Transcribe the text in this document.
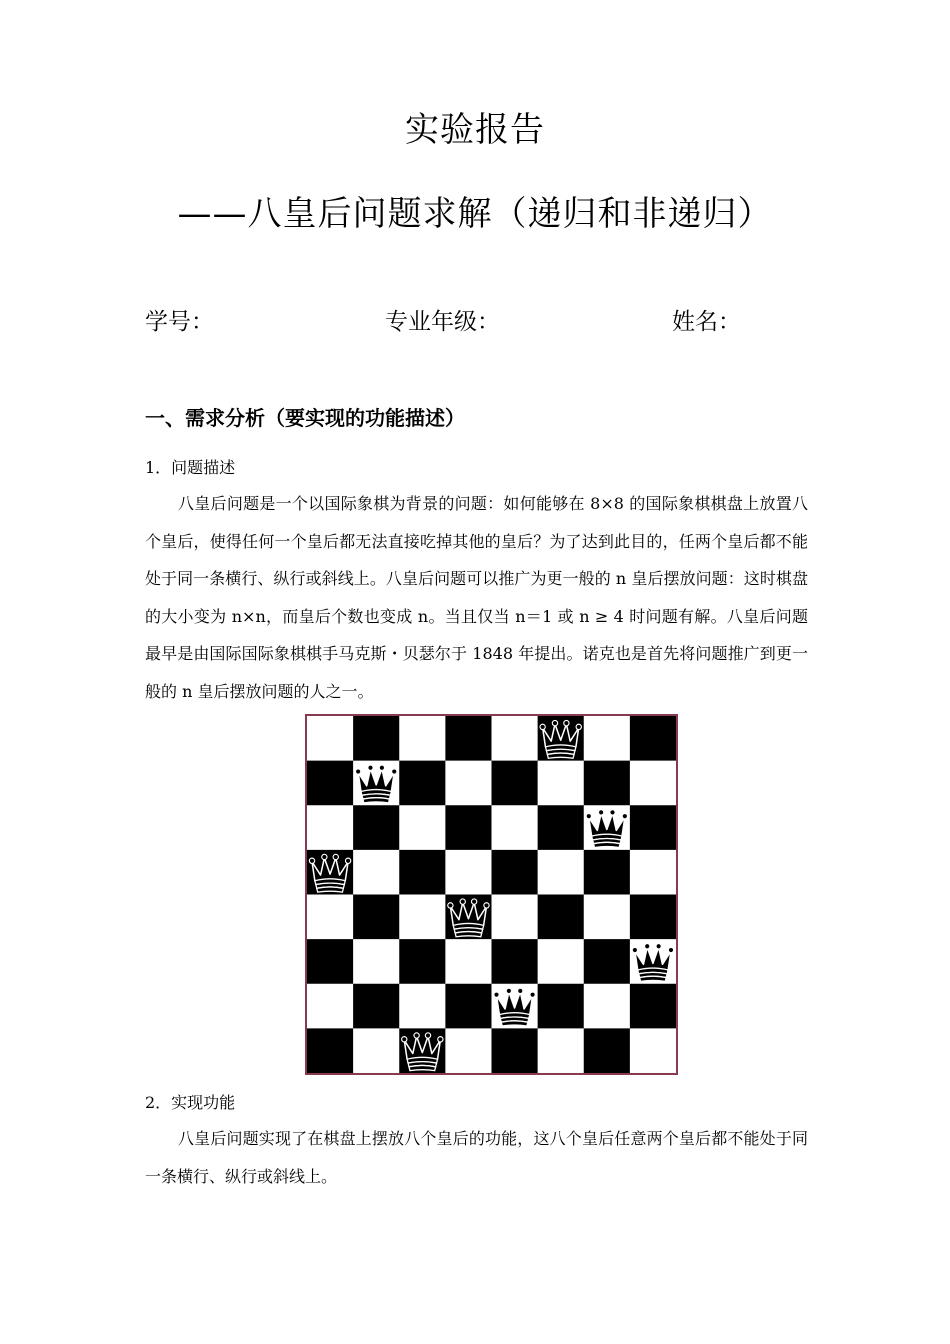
实验报告
——八皇后问题求解（递归和非递归）
学号：	专业年级：	姓名：
一、需求分析（要实现的功能描述）
1．问题描述
八皇后问题是一个以国际象棋为背景的问题：如何能够在 8×8 的国际象棋棋盘上放置八个皇后，使得任何一个皇后都无法直接吃掉其他的皇后？为了达到此目的，任两个皇后都不能处于同一条横行、纵行或斜线上。八皇后问题可以推广为更一般的 n 皇后摆放问题：这时棋盘的大小变为 n×n，而皇后个数也变成 n。当且仅当 n＝1 或 n ≥ 4 时问题有解。八皇后问题最早是由国际国际象棋棋手马克斯・贝瑟尔于 1848 年提出。诺克也是首先将问题推广到更一般的 n 皇后摆放问题的人之一。
2．实现功能
八皇后问题实现了在棋盘上摆放八个皇后的功能，这八个皇后任意两个皇后都不能处于同一条横行、纵行或斜线上。
